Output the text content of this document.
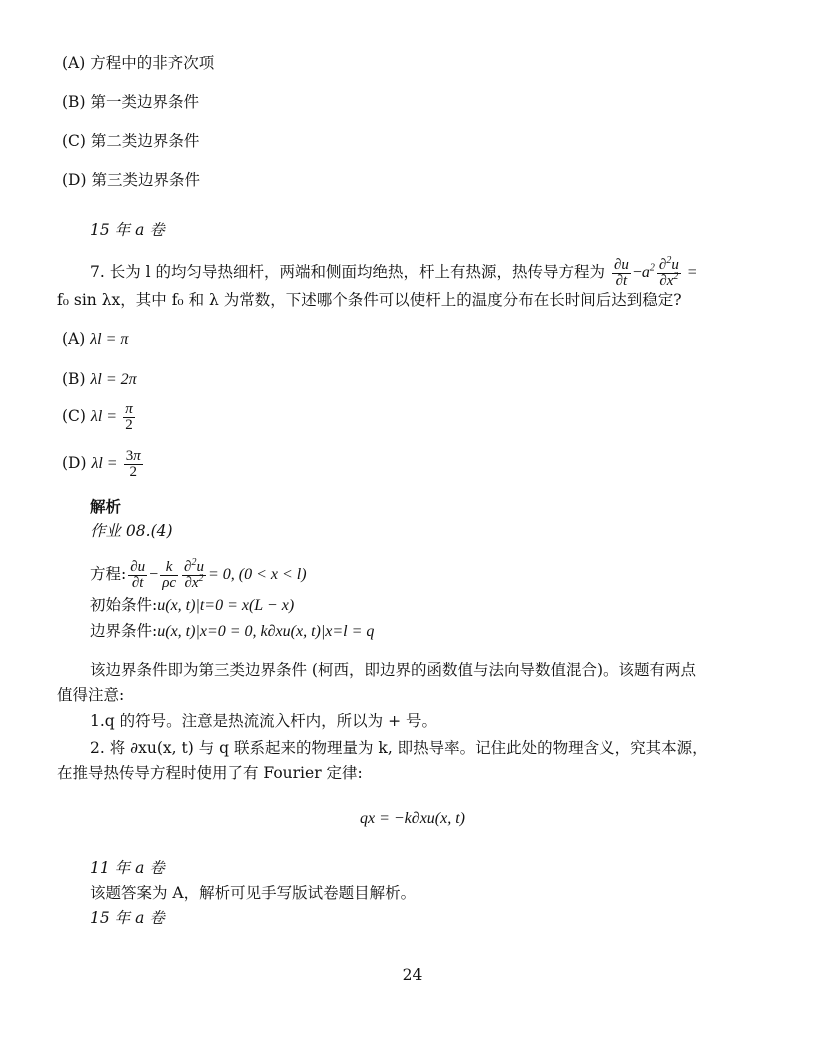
(A) 方程中的非齐次项
(B) 第一类边界条件
(C) 第二类边界条件
(D) 第三类边界条件
15 年 a 卷
7. 长为 l 的均匀导热细杆，两端和侧面均绝热，杆上有热源，热传导方程为 $\frac{\partial u}{\partial t} -a^2 \frac{\partial^2u}{\partial x^2}$ =
f₀ sin λx，其中 f₀ 和 λ 为常数，下述哪个条件可以使杆上的温度分布在长时间后达到稳定?
(A) λl = π
(B) λl = 2π
(C) $\lambda l = \frac{\pi}{2}$
(D) $\lambda l = \frac{3\pi}{2}$
解析
作业 08.(4)
方程: $\frac{\partial u}{\partial t} - \frac{k}{\rho c} \frac{\partial^2u}{\partial x^2} = 0$, (0 < x < l)
初始条件:u(x, t)|t=0 = x(L − x)
边界条件:u(x, t)|x=0 = 0, k∂xu(x, t)|x=l = q
该边界条件即为第三类边界条件 (柯西，即边界的函数值与法向导数值混合)。该题有两点
值得注意:
1.q 的符号。注意是热流流入杆内，所以为 + 号。
2. 将 ∂xu(x, t) 与 q 联系起来的物理量为 k, 即热导率。记住此处的物理含义，究其本源，
在推导热传导方程时使用了有 Fourier 定律:
qx = −k∂xu(x, t)
11 年 a 卷
该题答案为 A，解析可见手写版试卷题目解析。
15 年 a 卷
24
